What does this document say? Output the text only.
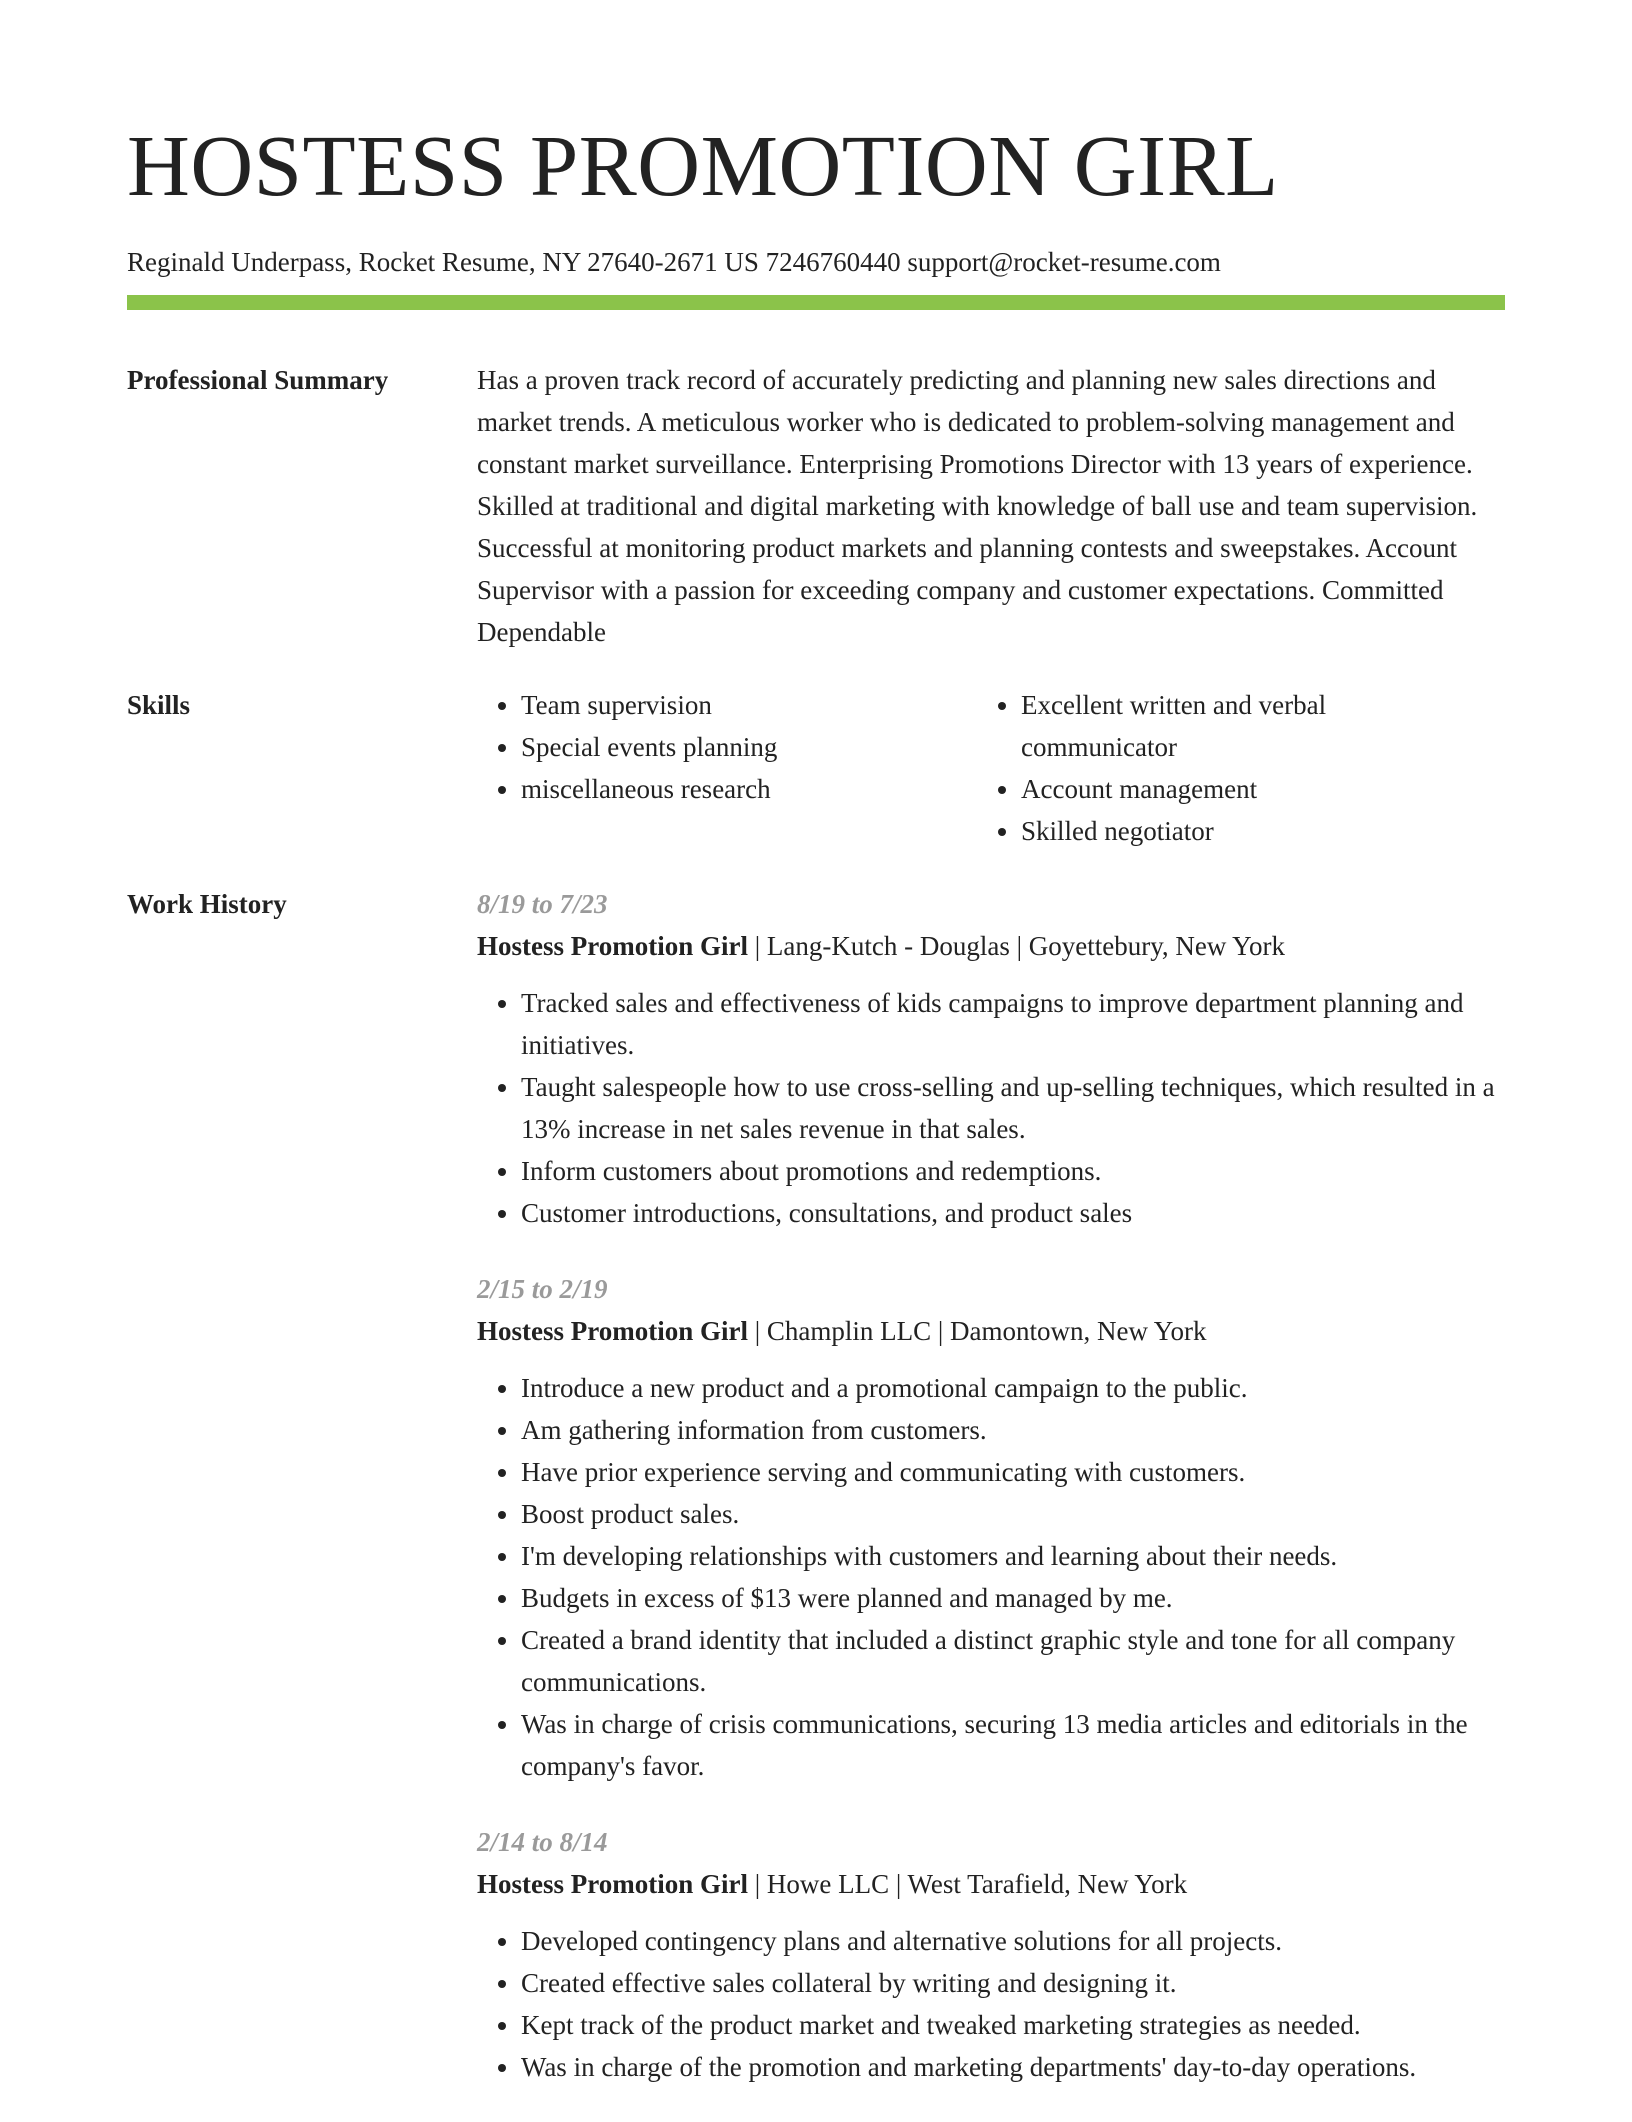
HOSTESS PROMOTION GIRL
Reginald Underpass, Rocket Resume, NY 27640-2671 US 7246760440 support@rocket-resume.com
Professional Summary	Has a proven track record of accurately predicting and planning new sales directions and market trends. A meticulous worker who is dedicated to problem-solving management and constant market surveillance. Enterprising Promotions Director with 13 years of experience. Skilled at traditional and digital marketing with knowledge of ball use and team supervision. Successful at monitoring product markets and planning contests and sweepstakes. Account Supervisor with a passion for exceeding company and customer expectations. Committed Dependable
Skills
•	Team supervision
• Special events planning
• miscellaneous research
• Excellent written and verbal communicator
• Account management
• Skilled negotiator
Work History	8/19 to 7/23
Hostess Promotion Girl | Lang-Kutch - Douglas | Goyettebury, New York
• Tracked sales and effectiveness of kids campaigns to improve department planning and initiatives.
• Taught salespeople how to use cross-selling and up-selling techniques, which resulted in a 13% increase in net sales revenue in that sales.
• Inform customers about promotions and redemptions.
• Customer introductions, consultations, and product sales
2/15 to 2/19
Hostess Promotion Girl | Champlin LLC | Damontown, New York
• Introduce a new product and a promotional campaign to the public.
• Am gathering information from customers.
• Have prior experience serving and communicating with customers.
• Boost product sales.
• I'm developing relationships with customers and learning about their needs.
• Budgets in excess of $13 were planned and managed by me.
• Created a brand identity that included a distinct graphic style and tone for all company communications.
• Was in charge of crisis communications, securing 13 media articles and editorials in the company's favor.
2/14 to 8/14
Hostess Promotion Girl | Howe LLC | West Tarafield, New York
• Developed contingency plans and alternative solutions for all projects.
• Created effective sales collateral by writing and designing it.
• Kept track of the product market and tweaked marketing strategies as needed.
• Was in charge of the promotion and marketing departments' day-to-day operations.
